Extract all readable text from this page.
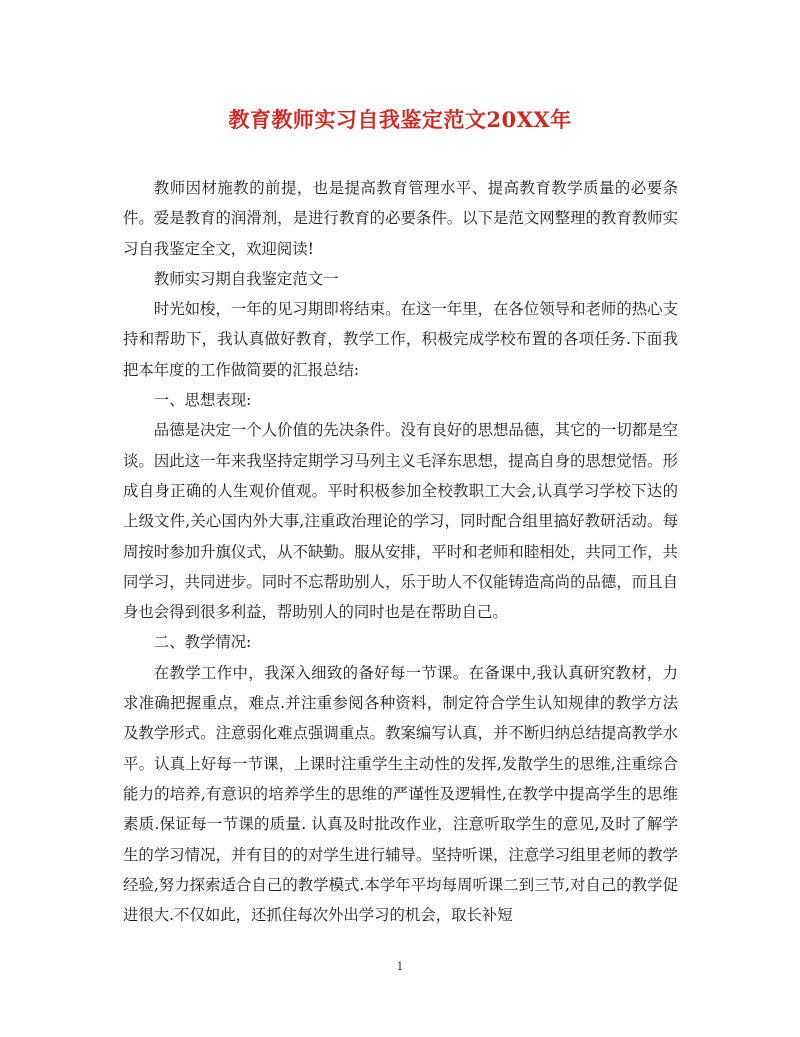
教育教师实习自我鉴定范文20XX年

教师因材施教的前提，也是提高教育管理水平、提高教育教学质量的必要条件。爱是教育的润滑剂，是进行教育的必要条件。以下是范文网整理的教育教师实习自我鉴定全文，欢迎阅读!

教师实习期自我鉴定范文一

时光如梭，一年的见习期即将结束。在这一年里，在各位领导和老师的热心支持和帮助下，我认真做好教育，教学工作，积极完成学校布置的各项任务.下面我把本年度的工作做简要的汇报总结:

一、思想表现:

品德是决定一个人价值的先决条件。没有良好的思想品德，其它的一切都是空谈。因此这一年来我坚持定期学习马列主义毛泽东思想，提高自身的思想觉悟。形成自身正确的人生观价值观。平时积极参加全校教职工大会,认真学习学校下达的上级文件,关心国内外大事,注重政治理论的学习，同时配合组里搞好教研活动。每周按时参加升旗仪式，从不缺勤。服从安排，平时和老师和睦相处，共同工作，共同学习，共同进步。同时不忘帮助别人，乐于助人不仅能铸造高尚的品德，而且自身也会得到很多利益，帮助别人的同时也是在帮助自己。

二、教学情况:

在教学工作中，我深入细致的备好每一节课。在备课中,我认真研究教材，力求准确把握重点，难点.并注重参阅各种资料，制定符合学生认知规律的教学方法及教学形式。注意弱化难点强调重点。教案编写认真，并不断归纳总结提高教学水平。认真上好每一节课，上课时注重学生主动性的发挥,发散学生的思维,注重综合能力的培养,有意识的培养学生的思维的严谨性及逻辑性,在教学中提高学生的思维素质.保证每一节课的质量. 认真及时批改作业，注意听取学生的意见,及时了解学生的学习情况，并有目的的对学生进行辅导。坚持听课，注意学习组里老师的教学经验,努力探索适合自己的教学模式.本学年平均每周听课二到三节,对自己的教学促进很大.不仅如此，还抓住每次外出学习的机会，取长补短

1
